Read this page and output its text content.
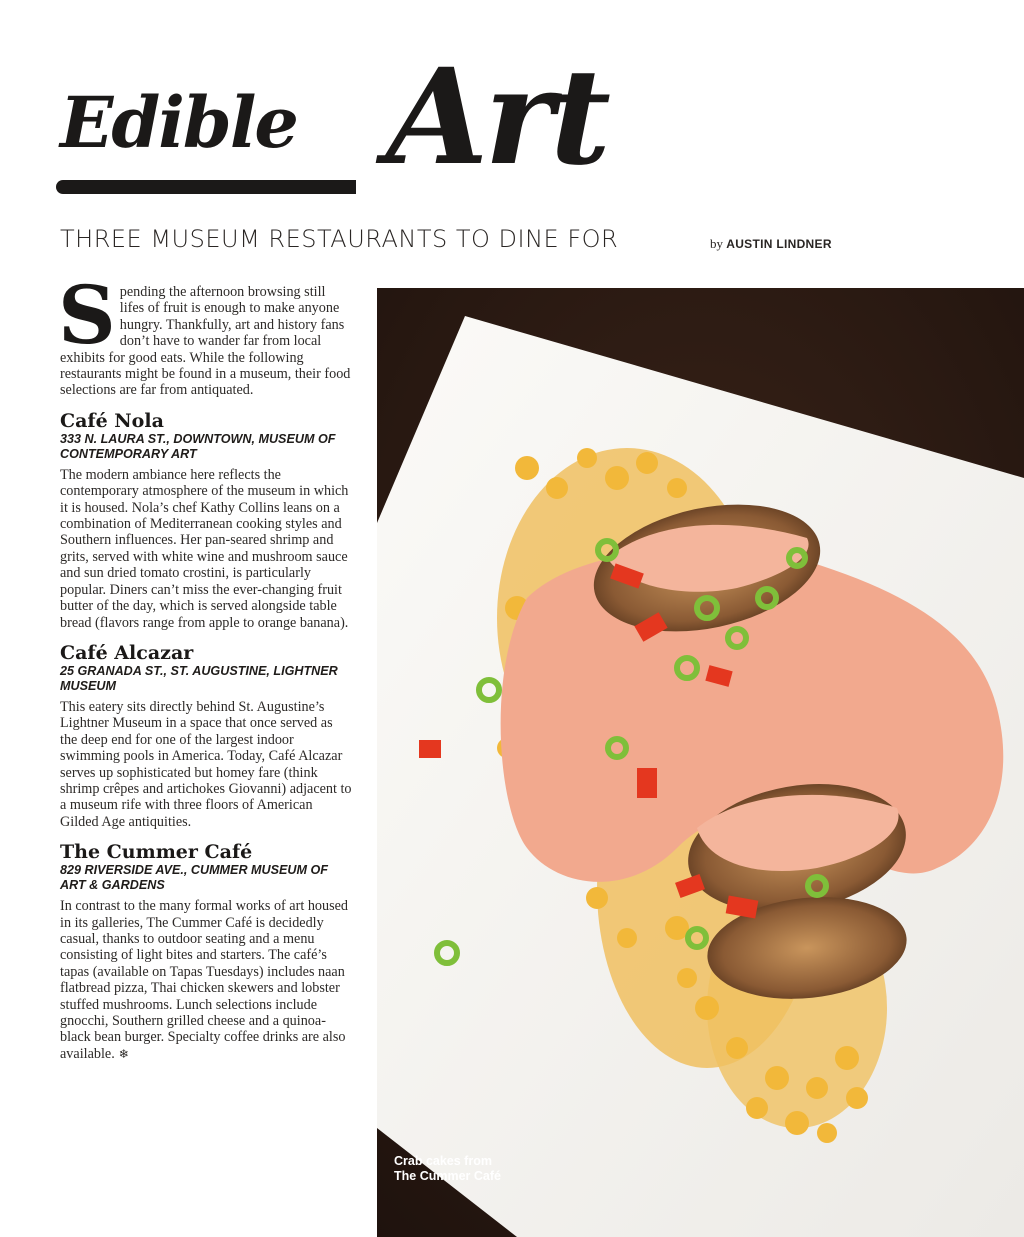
Edible Art
THREE MUSEUM RESTAURANTS TO DINE FOR	by AUSTIN LINDNER

Spending the afternoon browsing still lifes of fruit is enough to make anyone hungry. Thankfully, art and history fans don’t have to wander far from local exhibits for good eats. While the following restaurants might be found in a museum, their food selections are far from antiquated.

Café Nola
333 N. LAURA ST., DOWNTOWN, MUSEUM OF CONTEMPORARY ART

The modern ambiance here reflects the contemporary atmosphere of the museum in which it is housed. Nola’s chef Kathy Collins leans on a combination of Mediterranean cooking styles and Southern influences. Her pan-seared shrimp and grits, served with white wine and mushroom sauce and sun dried tomato crostini, is particularly popular. Diners can’t miss the ever-changing fruit butter of the day, which is served alongside table bread (flavors range from apple to orange banana).

Café Alcazar
25 GRANADA ST., ST. AUGUSTINE, LIGHTNER MUSEUM

This eatery sits directly behind St. Augustine’s Lightner Museum in a space that once served as the deep end for one of the largest indoor swimming pools in America. Today, Café Alcazar serves up sophisticated but homey fare (think shrimp crêpes and artichokes Giovanni) adjacent to a museum rife with three floors of American Gilded Age antiquities.

The Cummer Café
829 RIVERSIDE AVE., CUMMER MUSEUM OF ART & GARDENS

In contrast to the many formal works of art housed in its galleries, The Cummer Café is decidedly casual, thanks to outdoor seating and a menu consisting of light bites and starters. The café’s tapas (available on Tapas Tuesdays) includes naan flatbread pizza, Thai chicken skewers and lobster stuffed mushrooms. Lunch selections include gnocchi, Southern grilled cheese and a quinoa-black bean burger. Specialty coffee drinks are also available. ❄

Crab cakes from
The Cummer Café
